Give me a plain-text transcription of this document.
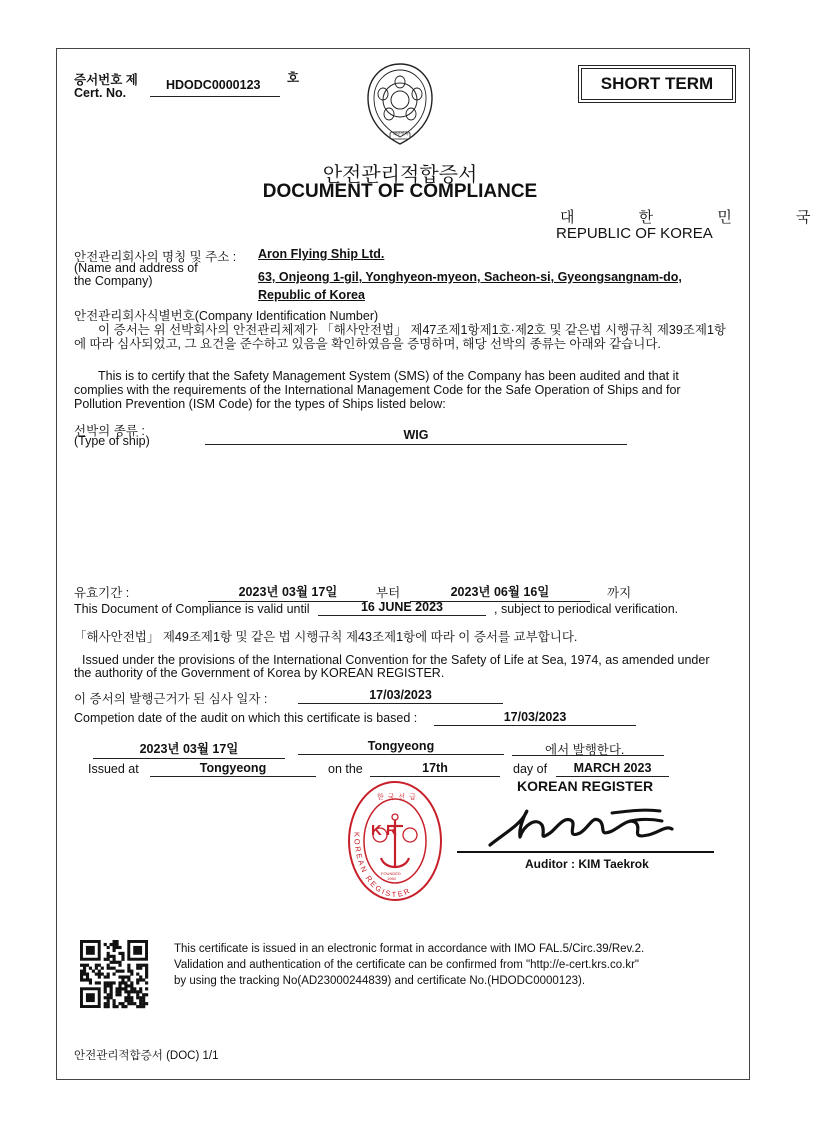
증서번호 제
Cert. No.
HDODC0000123	호
대한민국
SHORT TERM
안전관리적합증서
DOCUMENT OF COMPLIANCE
대 한 민 국
REPUBLIC OF KOREA
안전관리회사의 명칭 및 주소 :
(Name and address of
the Company)
Aron Flying Ship Ltd.
63, Onjeong 1-gil, Yonghyeon-myeon, Sacheon-si, Gyeongsangnam-do,
Republic of Korea
안전관리회사식별번호(Company Identification Number)
이 증서는 위 선박회사의 안전관리체제가 「해사안전법」 제47조제1항제1호·제2호 및 같은법 시행규칙 제39조제1항에 따라 심사되었고, 그 요건을 준수하고 있음을 확인하였음을 증명하며, 해당 선박의 종류는 아래와 같습니다.
This is to certify that the Safety Management System (SMS) of the Company has been audited and that it complies with the requirements of the International Management Code for the Safe Operation of Ships and for Pollution Prevention (ISM Code) for the types of Ships listed below:
선박의 종류 :
(Type of ship)	WIG
유효기간 :	2023년 03월 17일	부터	2023년 06월 16일	까지
This Document of Compliance is valid until	16 JUNE 2023	, subject to periodical verification.
「해사안전법」 제49조제1항 및 같은 법 시행규칙 제43조제1항에 따라 이 증서를 교부합니다.
Issued under the provisions of the International Convention for the Safety of Life at Sea, 1974, as amended under the authority of the Government of Korea by KOREAN REGISTER.
이 증서의 발행근거가 된 심사 일자 :	17/03/2023
Competion date of the audit on which this certificate is based :	17/03/2023
2023년 03월 17일	Tongyeong	에서 발행한다.
Issued at	Tongyeong	on the	17th	day of	MARCH 2023
KOREAN REGISTER
한 국 선 급
K R
FOUNDED
1960
KOREAN REGISTER
Auditor : KIM Taekrok
This certificate is issued in an electronic format in accordance with IMO FAL.5/Circ.39/Rev.2.
Validation and authentication of the certificate can be confirmed from "http://e-cert.krs.co.kr"
by using the tracking No(AD23000244839) and certificate No.(HDODC0000123).
안전관리적합증서 (DOC) 1/1
